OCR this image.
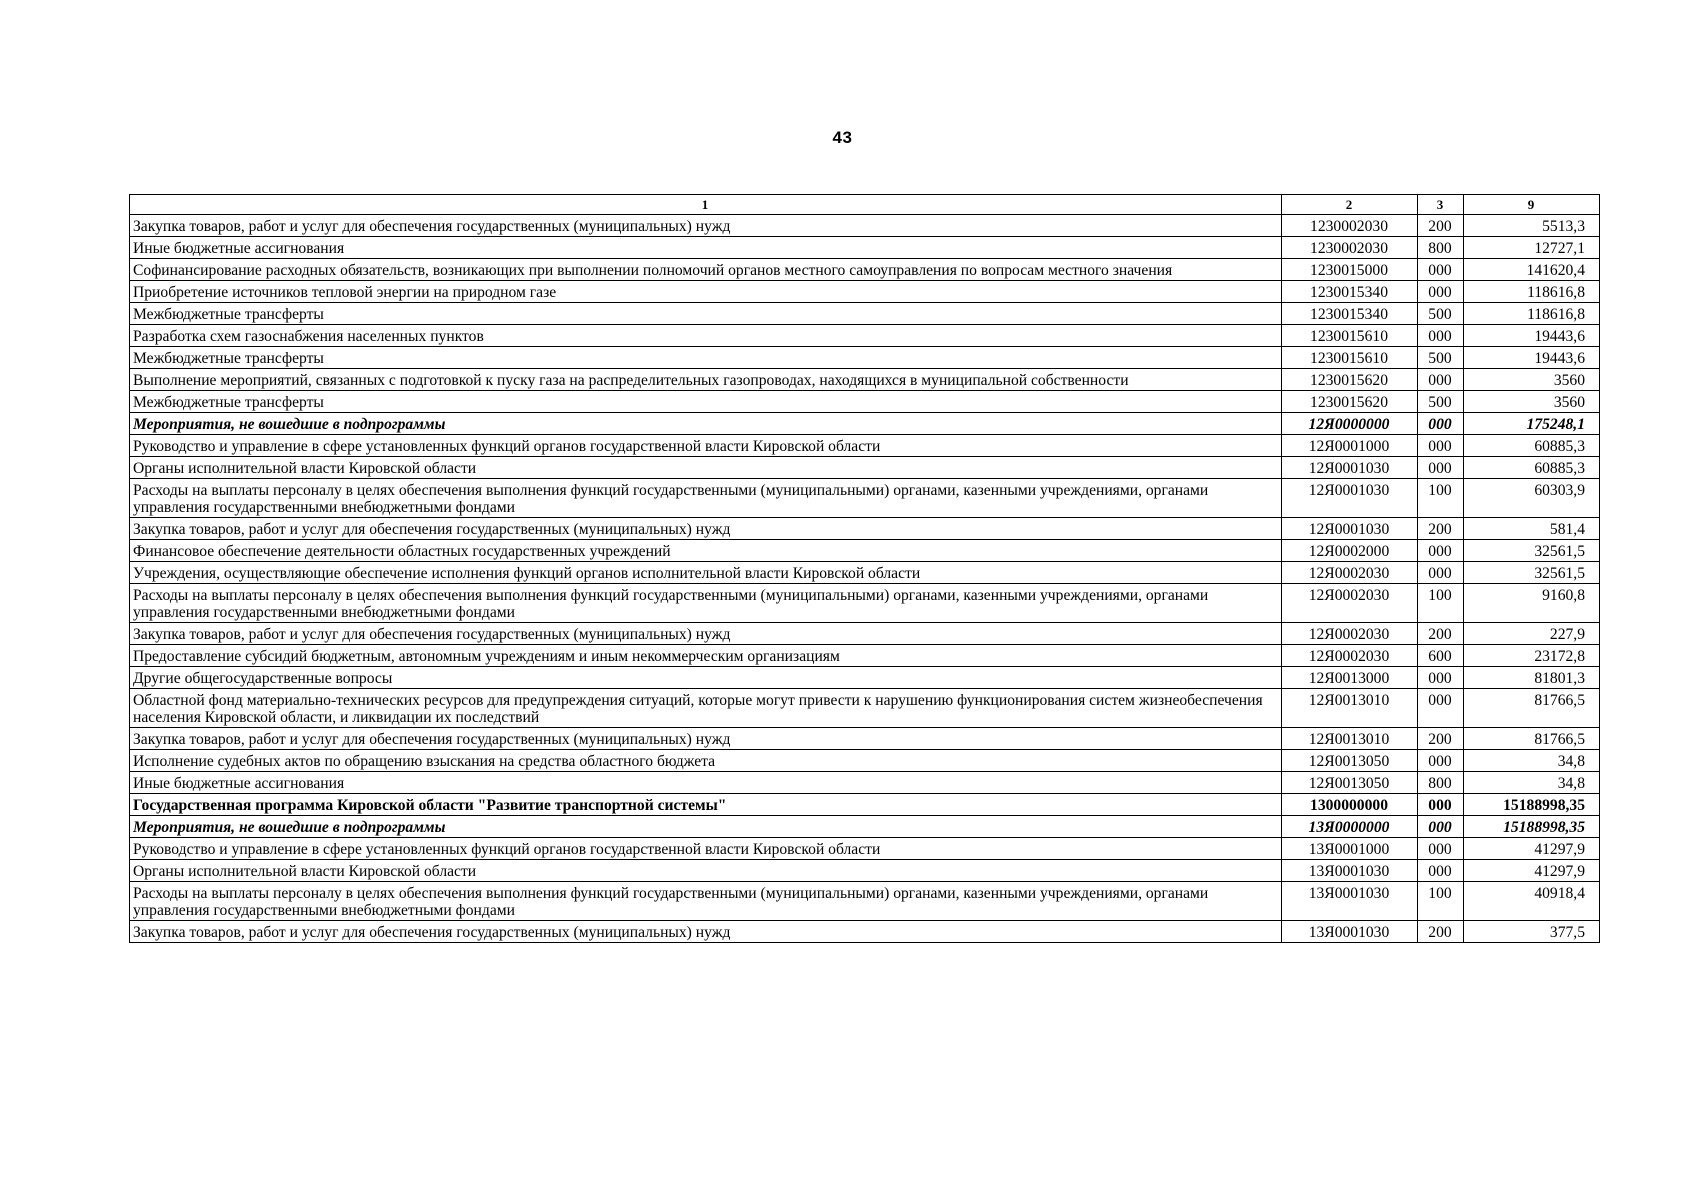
43
1	2	3	9
Закупка товаров, работ и услуг для обеспечения государственных (муниципальных) нужд	1230002030	200	5513,3
Иные бюджетные ассигнования	1230002030	800	12727,1
Софинансирование расходных обязательств, возникающих при выполнении полномочий органов местного самоуправления по вопросам местного значения	1230015000	000	141620,4
Приобретение источников тепловой энергии на природном газе	1230015340	000	118616,8
Межбюджетные трансферты	1230015340	500	118616,8
Разработка схем газоснабжения населенных пунктов	1230015610	000	19443,6
Межбюджетные трансферты	1230015610	500	19443,6
Выполнение мероприятий, связанных с подготовкой к пуску газа на распределительных газопроводах, находящихся в муниципальной собственности	1230015620	000	3560
Межбюджетные трансферты	1230015620	500	3560
Мероприятия, не вошедшие в подпрограммы	12Я0000000	000	175248,1
Руководство и управление в сфере установленных функций органов государственной власти Кировской области	12Я0001000	000	60885,3
Органы исполнительной власти Кировской области	12Я0001030	000	60885,3
Расходы на выплаты персоналу в целях обеспечения выполнения функций государственными (муниципальными) органами, казенными учреждениями, органами управления государственными внебюджетными фондами	12Я0001030	100	60303,9
Закупка товаров, работ и услуг для обеспечения государственных (муниципальных) нужд	12Я0001030	200	581,4
Финансовое обеспечение деятельности областных государственных учреждений	12Я0002000	000	32561,5
Учреждения, осуществляющие обеспечение исполнения функций органов исполнительной власти Кировской области	12Я0002030	000	32561,5
Расходы на выплаты персоналу в целях обеспечения выполнения функций государственными (муниципальными) органами, казенными учреждениями, органами управления государственными внебюджетными фондами	12Я0002030	100	9160,8
Закупка товаров, работ и услуг для обеспечения государственных (муниципальных) нужд	12Я0002030	200	227,9
Предоставление субсидий бюджетным, автономным учреждениям и иным некоммерческим организациям	12Я0002030	600	23172,8
Другие общегосударственные вопросы	12Я0013000	000	81801,3
Областной фонд материально-технических ресурсов для предупреждения ситуаций, которые могут привести к нарушению функционирования систем жизнеобеспечения населения Кировской области, и ликвидации их последствий	12Я0013010	000	81766,5
Закупка товаров, работ и услуг для обеспечения государственных (муниципальных) нужд	12Я0013010	200	81766,5
Исполнение судебных актов по обращению взыскания на средства областного бюджета	12Я0013050	000	34,8
Иные бюджетные ассигнования	12Я0013050	800	34,8
Государственная программа Кировской области "Развитие транспортной системы"	1300000000	000	15188998,35
Мероприятия, не вошедшие в подпрограммы	13Я0000000	000	15188998,35
Руководство и управление в сфере установленных функций органов государственной власти Кировской области	13Я0001000	000	41297,9
Органы исполнительной власти Кировской области	13Я0001030	000	41297,9
Расходы на выплаты персоналу в целях обеспечения выполнения функций государственными (муниципальными) органами, казенными учреждениями, органами управления государственными внебюджетными фондами	13Я0001030	100	40918,4
Закупка товаров, работ и услуг для обеспечения государственных (муниципальных) нужд	13Я0001030	200	377,5
